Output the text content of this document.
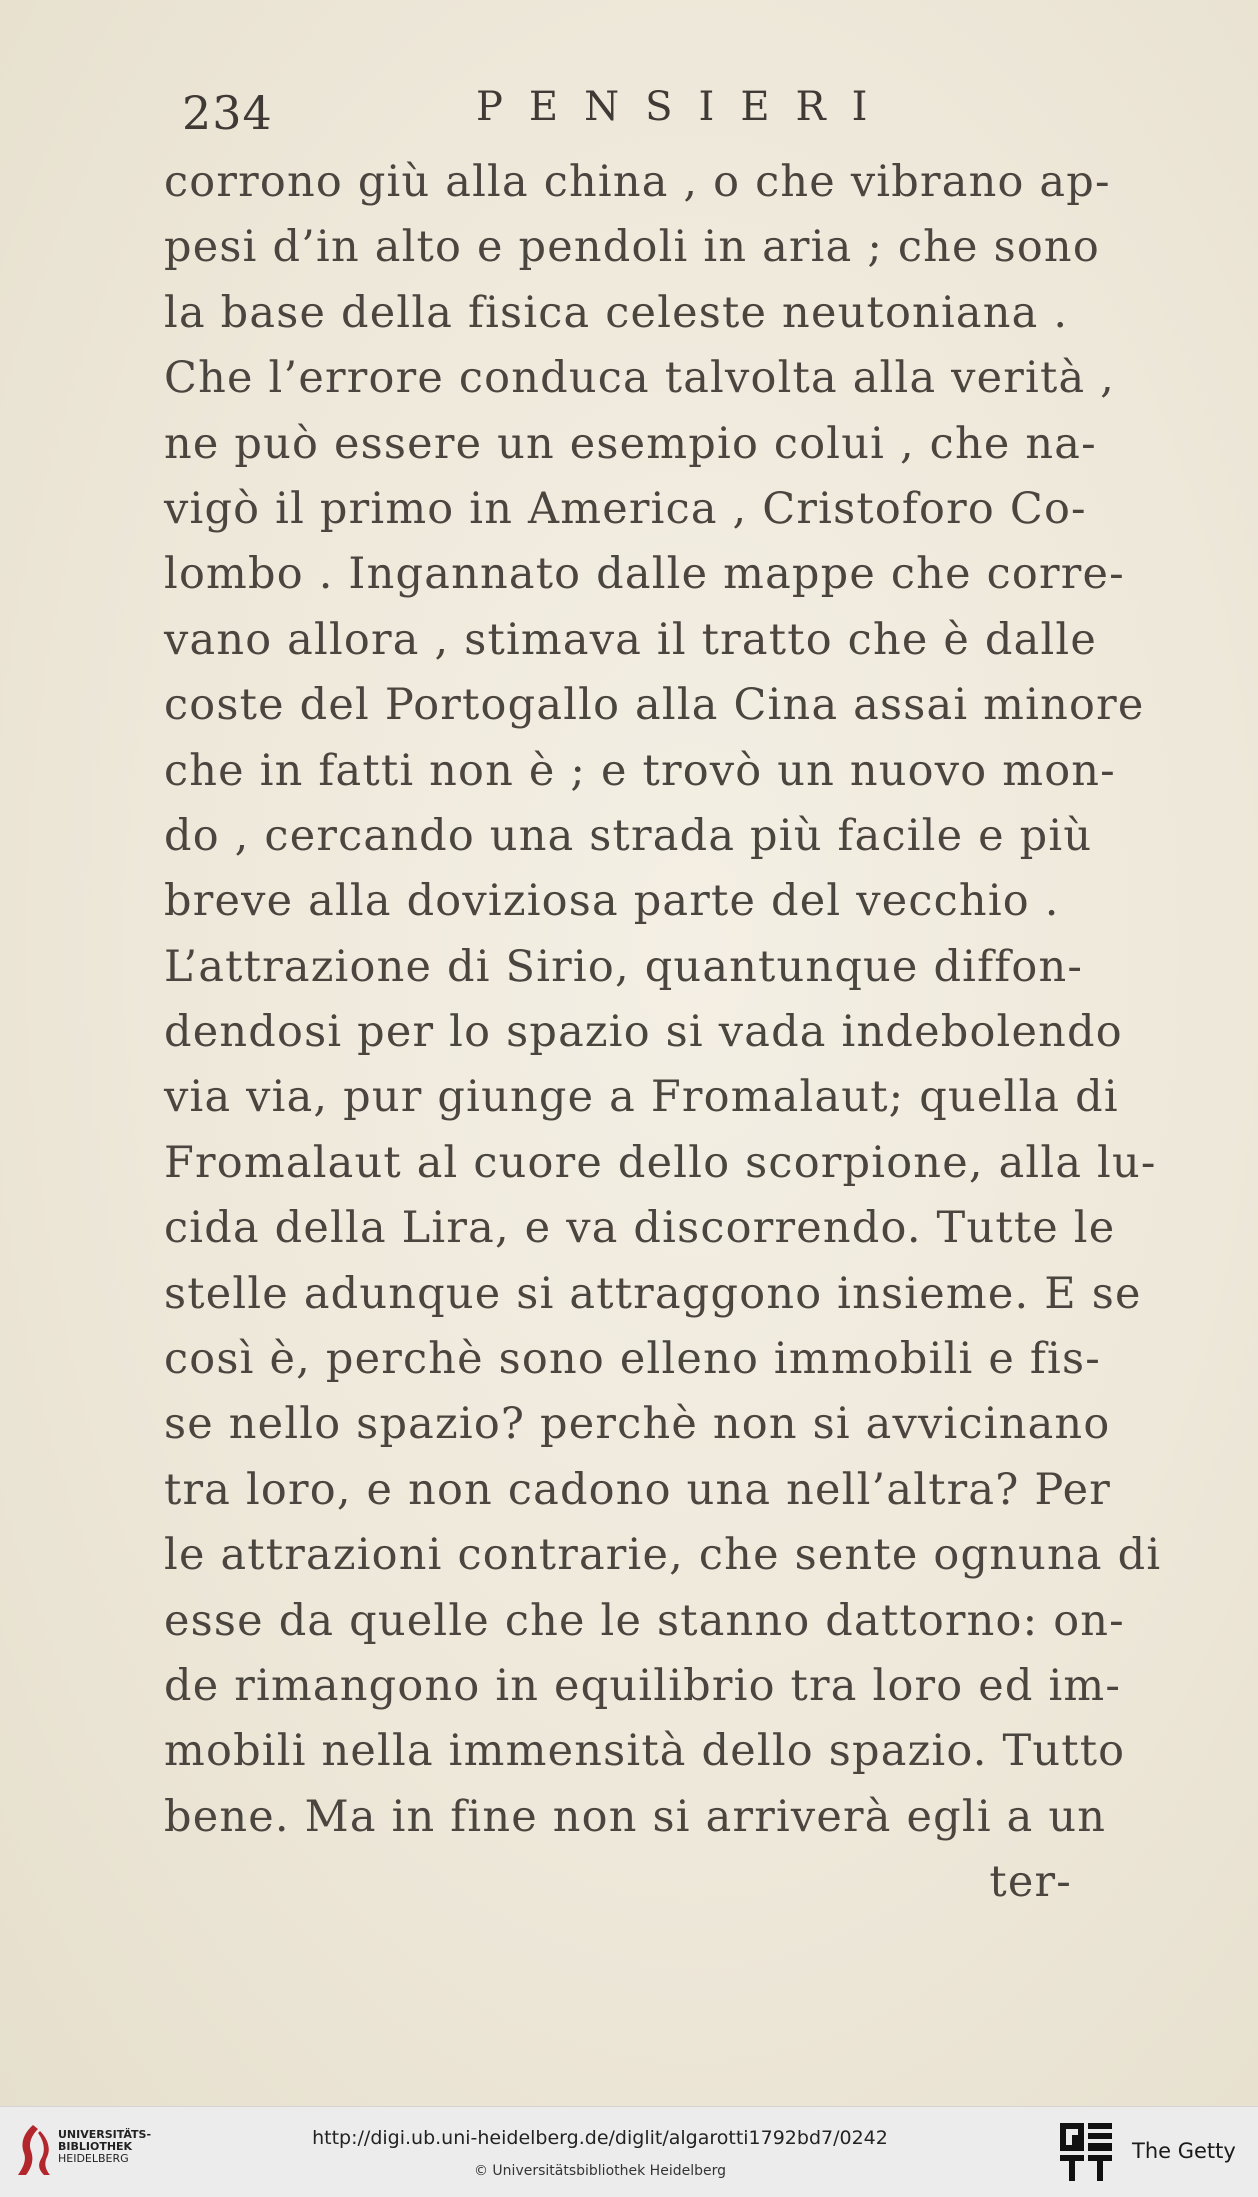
234	PENSIERI
corrono giù alla china , o che vibrano ap-
pesi d’in alto e pendoli in aria ; che sono
la base della fisica celeste neutoniana .
Che l’errore conduca talvolta alla verità ,
ne può essere un esempio colui , che na-
vigò il primo in America , Cristoforo Co-
lombo . Ingannato dalle mappe che corre-
vano allora , stimava il tratto che è dalle
coste del Portogallo alla Cina assai minore
che in fatti non è ; e trovò un nuovo mon-
do , cercando una strada più facile e più
breve alla doviziosa parte del vecchio .
L’attrazione di Sirio, quantunque diffon-
dendosi per lo spazio si vada indebolendo
via via, pur giunge a Fromalaut; quella di
Fromalaut al cuore dello scorpione, alla lu-
cida della Lira, e va discorrendo. Tutte le
stelle adunque si attraggono insieme. E se
così è, perchè sono elleno immobili e fis-
se nello spazio? perchè non si avvicinano
tra loro, e non cadono una nell’altra? Per
le attrazioni contrarie, che sente ognuna di
esse da quelle che le stanno dattorno: on-
de rimangono in equilibrio tra loro ed im-
mobili nella immensità dello spazio. Tutto
bene. Ma in fine non si arriverà egli a un
ter-
UNIVERSITÄTS-
BIBLIOTHEK
HEIDELBERG
http://digi.ub.uni-heidelberg.de/diglit/algarotti1792bd7/0242
© Universitätsbibliothek Heidelberg
The Getty
